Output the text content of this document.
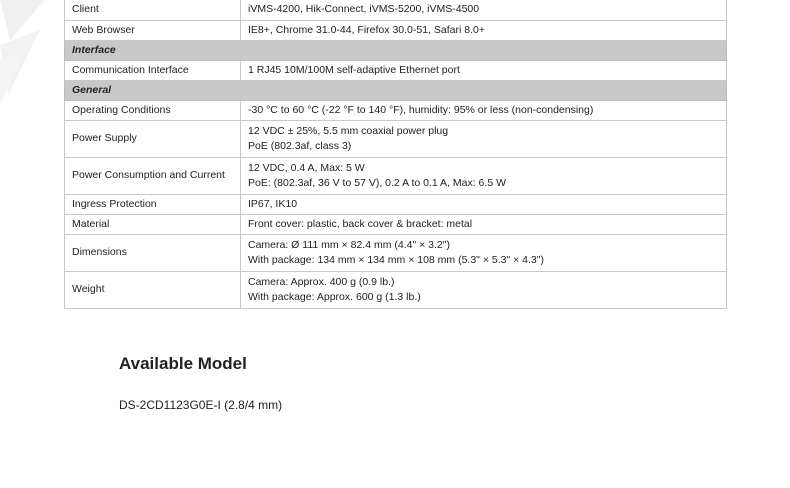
Client	iVMS-4200, Hik-Connect, iVMS-5200, iVMS-4500

Web Browser	IE8+, Chrome 31.0-44, Firefox 30.0-51, Safari 8.0+

Interface	
Communication Interface	1 RJ45 10M/100M self-adaptive Ethernet port

General	
Operating Conditions	-30 °C to 60 °C (-22 °F to 140 °F), humidity: 95% or less (non-condensing)

Power Supply	12 VDC ± 25%, 5.5 mm coaxial power plug
PoE (802.3af, class 3)

Power Consumption and Current	12 VDC, 0.4 A, Max: 5 W
PoE: (802.3af, 36 V to 57 V), 0.2 A to 0.1 A, Max: 6.5 W

Ingress Protection	IP67, IK10

Material	Front cover: plastic, back cover & bracket: metal

Dimensions	Camera: Ø 111 mm × 82.4 mm (4.4" × 3.2")
With package: 134 mm × 134 mm × 108 mm (5.3" × 5.3" × 4.3")

Weight	Camera: Approx. 400 g (0.9 lb.)
With package: Approx. 600 g (1.3 lb.)
Available Model
DS-2CD1123G0E-I (2.8/4 mm)
